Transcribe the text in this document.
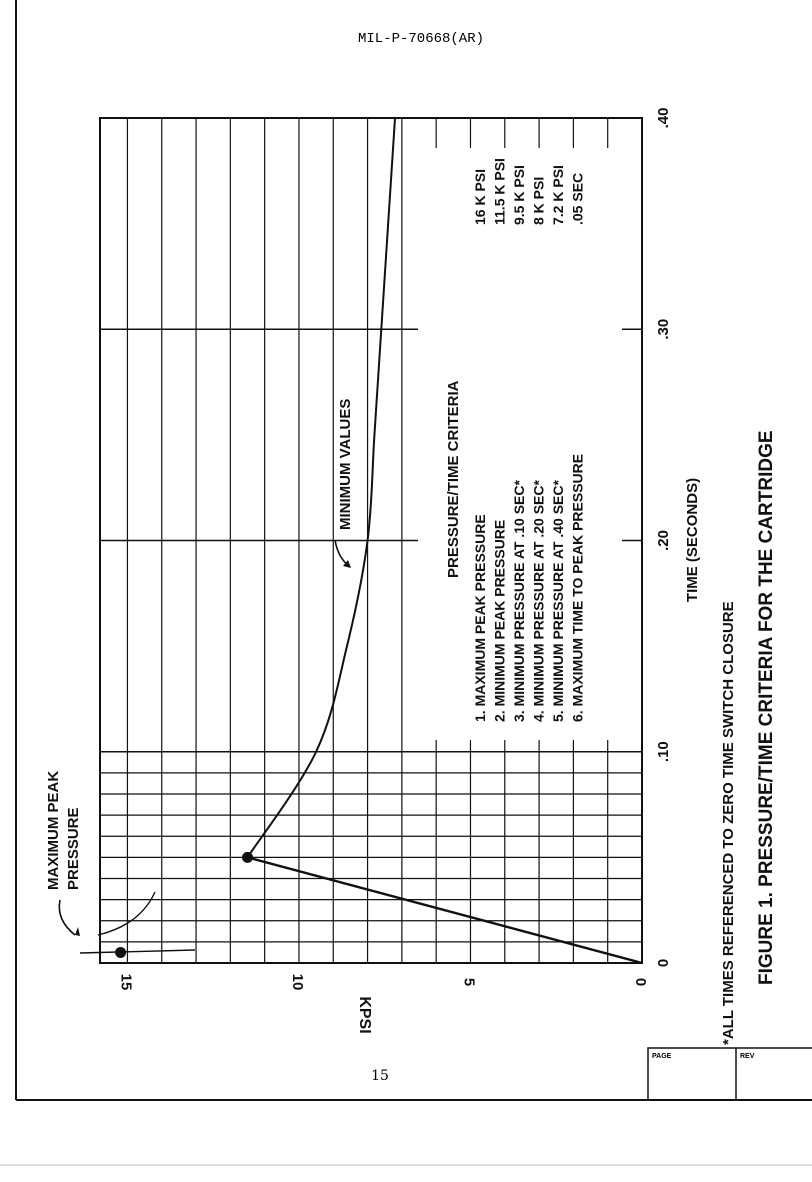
MIL-P-70668(AR)
15
PAGE	REV
*ALL TIMES REFERENCED TO ZERO TIME SWITCH CLOSURE FIGURE 1. PRESSURE/TIME CRITERIA FOR THE CARTRIDGE
0
.10
.20
.30
.40
0
5
10
15
TIME (SECONDS)
KPSI
PRESSURE/TIME CRITERIA
1. MAXIMUM PEAK PRESSURE
16 K PSI
2. MINIMUM PEAK PRESSURE
11.5 K PSI
3. MINIMUM PRESSURE AT .10 SEC*
9.5 K PSI
4. MINIMUM PRESSURE AT .20 SEC*
8 K PSI
5. MINIMUM PRESSURE AT .40 SEC*
7.2 K PSI
6. MAXIMUM TIME TO PEAK PRESSURE
.05 SEC
MAXIMUM PEAK PRESSURE
MINIMUM VALUES
